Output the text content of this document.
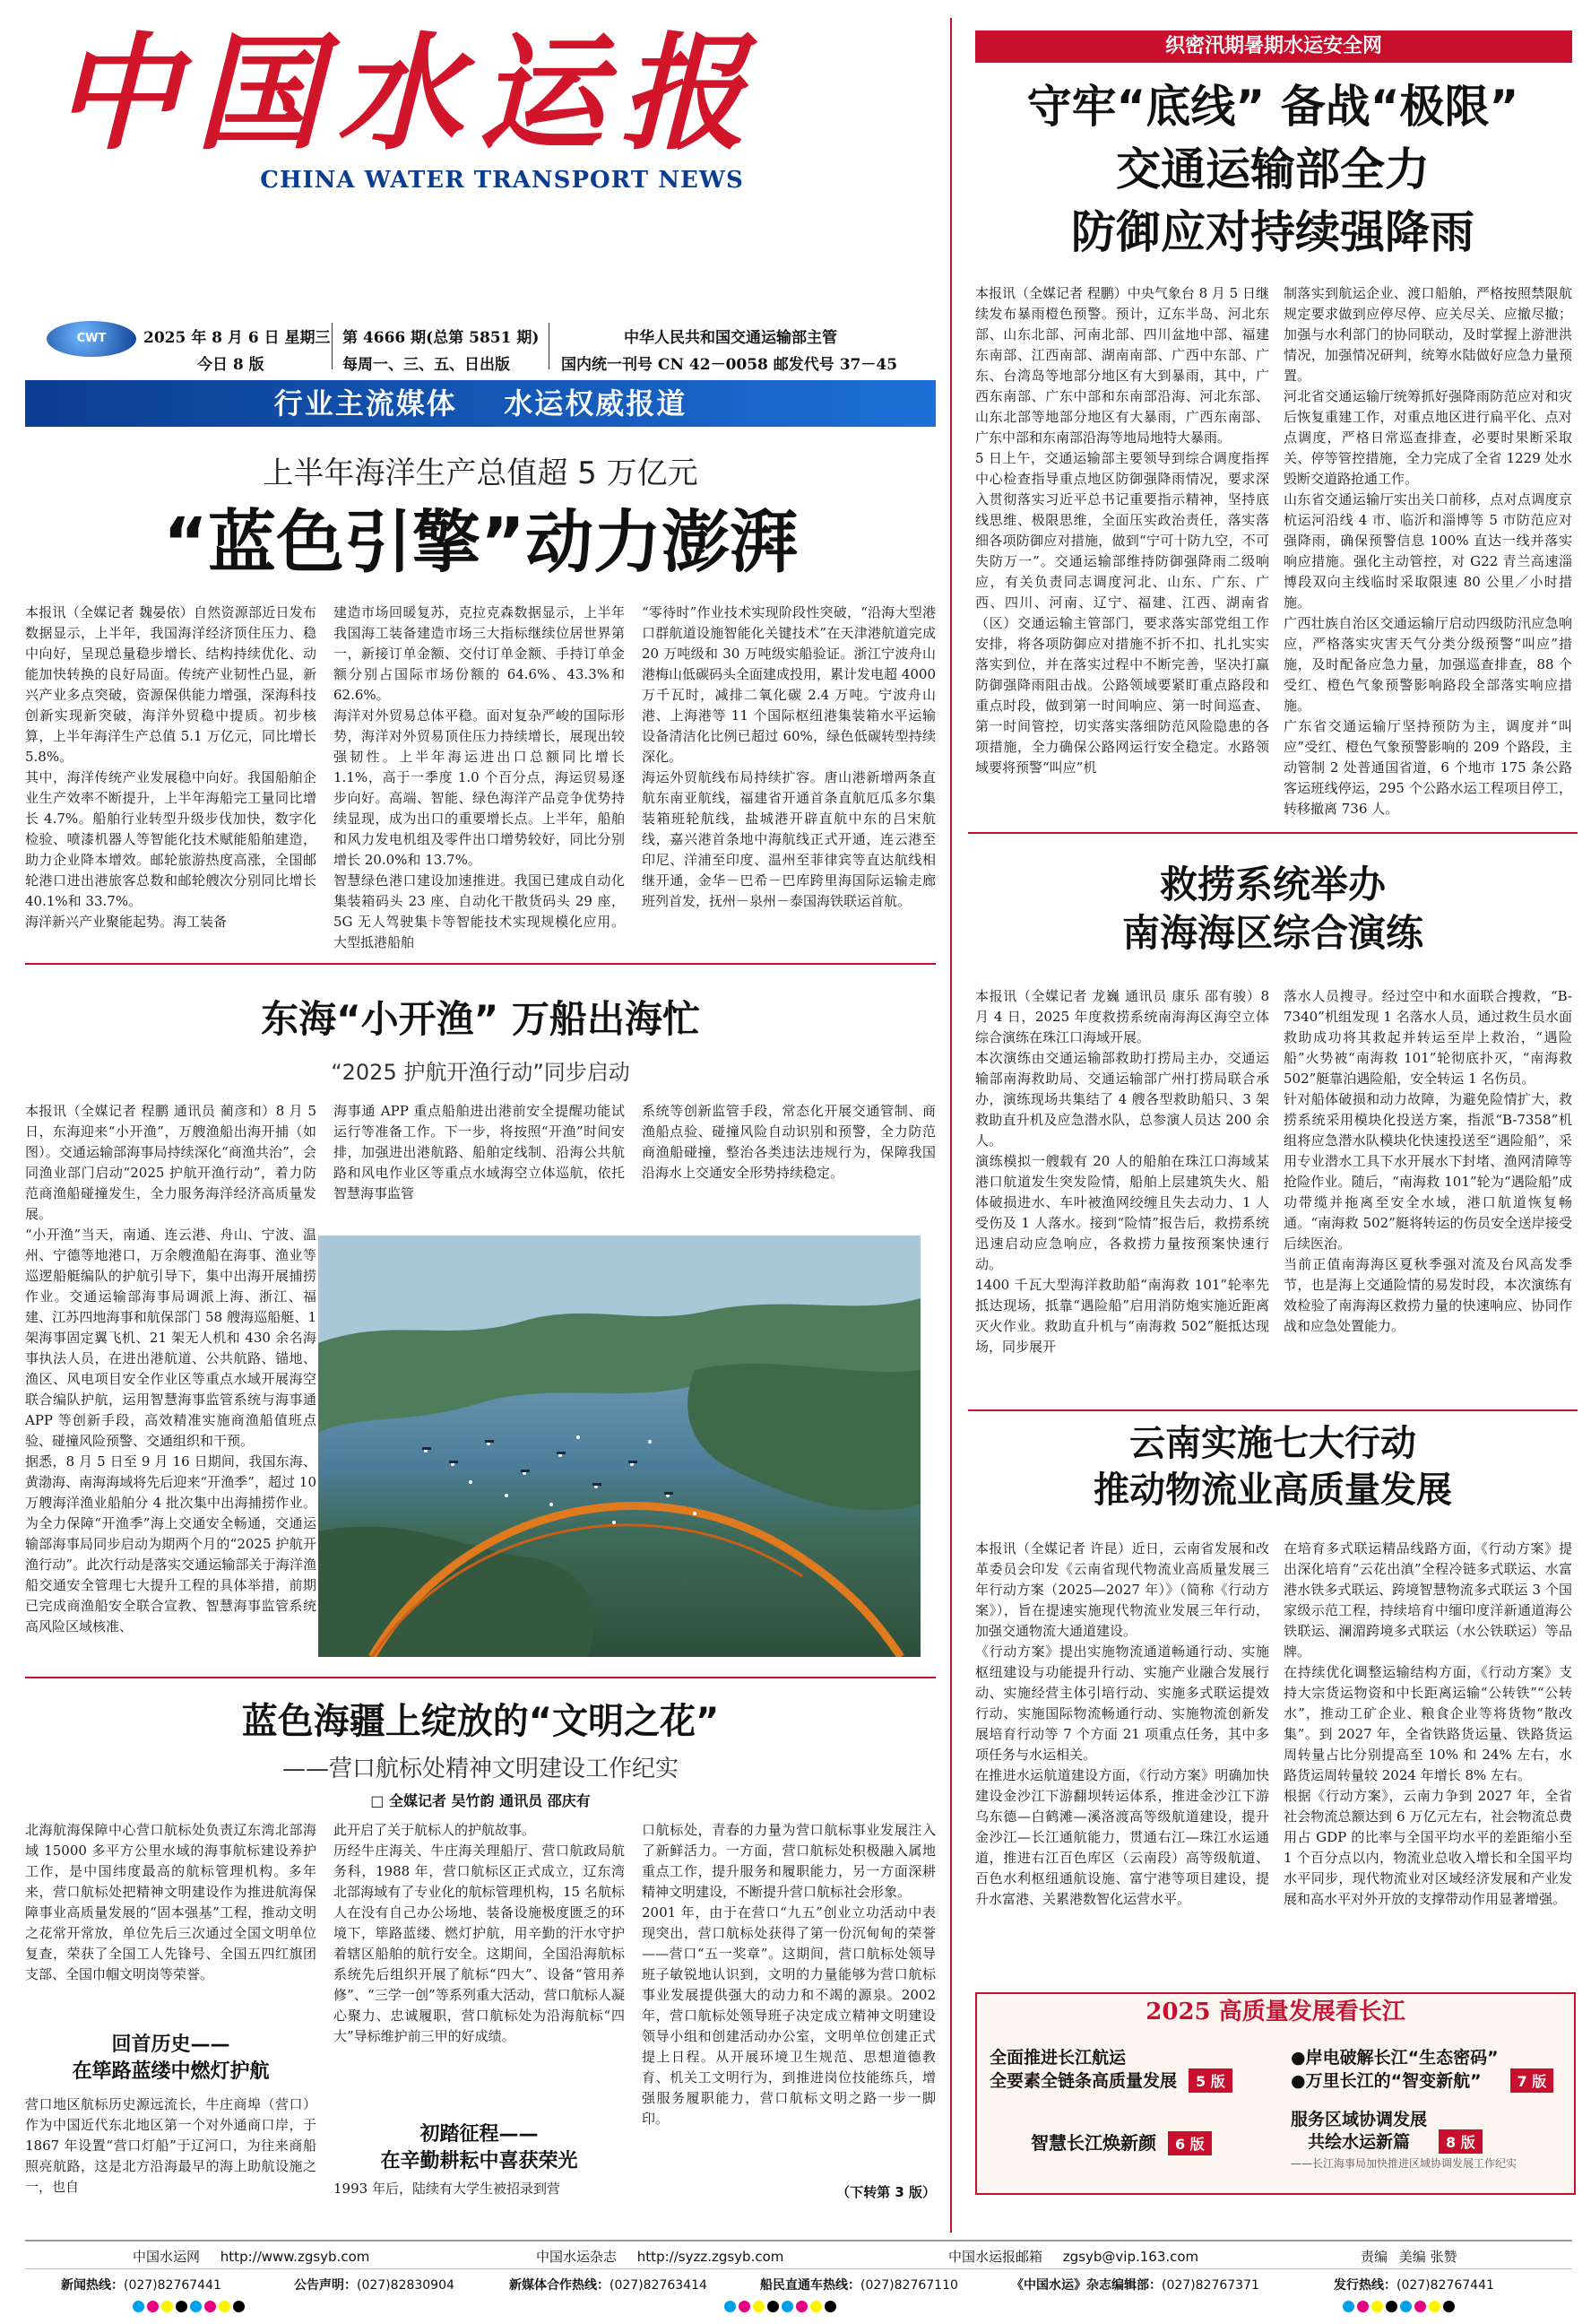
中国水运报
CHINA WATER TRANSPORT NEWS
CWT	2025 年 8 月 6 日 星期三
今日 8 版
第 4666 期(总第 5851 期)
每周一、三、五、日出版
中华人民共和国交通运输部主管
国内统一刊号 CN 42－0058 邮发代号 37－45
行业主流媒体    水运权威报道
上半年海洋生产总值超 5 万亿元
“蓝色引擎”动力澎湃
本报讯（全媒记者 魏晏依）自然资源部近日发布数据显示，上半年，我国海洋经济顶住压力、稳中向好，呈现总量稳步增长、结构持续优化、动能加快转换的良好局面。传统产业韧性凸显，新兴产业多点突破，资源保供能力增强，深海科技创新实现新突破，海洋外贸稳中提质。初步核算，上半年海洋生产总值 5.1 万亿元，同比增长 5.8%。
其中，海洋传统产业发展稳中向好。我国船舶企业生产效率不断提升，上半年海船完工量同比增长 4.7%。船舶行业转型升级步伐加快，数字化检验、喷漆机器人等智能化技术赋能船舶建造，助力企业降本增效。邮轮旅游热度高涨，全国邮轮港口进出港旅客总数和邮轮艘次分别同比增长 40.1%和 33.7%。
海洋新兴产业聚能起势。海工装备
建造市场回暖复苏，克拉克森数据显示，上半年我国海工装备建造市场三大指标继续位居世界第一，新接订单金额、交付订单金额、手持订单金额分别占国际市场份额的 64.6%、43.3%和 62.6%。
海洋对外贸易总体平稳。面对复杂严峻的国际形势，海洋对外贸易顶住压力持续增长，展现出较强韧性。上半年海运进出口总额同比增长 1.1%，高于一季度 1.0 个百分点，海运贸易逐步向好。高端、智能、绿色海洋产品竞争优势持续显现，成为出口的重要增长点。上半年，船舶和风力发电机组及零件出口增势较好，同比分别增长 20.0%和 13.7%。
智慧绿色港口建设加速推进。我国已建成自动化集装箱码头 23 座、自动化干散货码头 29 座，5G 无人驾驶集卡等智能技术实现规模化应用。大型抵港船舶
“零待时”作业技术实现阶段性突破，“沿海大型港口群航道设施智能化关键技术”在天津港航道完成 20 万吨级和 30 万吨级实船验证。浙江宁波舟山港梅山低碳码头全面建成投用，累计发电超 4000 万千瓦时，减排二氧化碳 2.4 万吨。宁波舟山港、上海港等 11 个国际枢纽港集装箱水平运输设备清洁化比例已超过 60%，绿色低碳转型持续深化。
海运外贸航线布局持续扩容。唐山港新增两条直航东南亚航线，福建省开通首条直航厄瓜多尔集装箱班轮航线，盐城港开辟直航中东的吕宋航线，嘉兴港首条地中海航线正式开通，连云港至印尼、洋浦至印度、温州至菲律宾等直达航线相继开通，金华－巴希－巴库跨里海国际运输走廊班列首发，抚州－泉州－泰国海铁联运首航。
东海“小开渔” 万船出海忙
“2025 护航开渔行动”同步启动
本报讯（全媒记者 程鹏 通讯员 蔺彦和）8 月 5 日，东海迎来“小开渔”，万艘渔船出海开捕（如图）。交通运输部海事局持续深化“商渔共治”，会同渔业部门启动“2025 护航开渔行动”，着力防范商渔船碰撞发生，全力服务海洋经济高质量发展。
“小开渔”当天，南通、连云港、舟山、宁波、温州、宁德等地港口，万余艘渔船在海事、渔业等巡逻船艇编队的护航引导下，集中出海开展捕捞作业。交通运输部海事局调派上海、浙江、福建、江苏四地海事和航保部门 58 艘海巡船艇、1 架海事固定翼飞机、21 架无人机和 430 余名海事执法人员，在进出港航道、公共航路、锚地、渔区、风电项目安全作业区等重点水域开展海空联合编队护航，运用智慧海事监管系统与海事通 APP 等创新手段，高效精准实施商渔船值班点验、碰撞风险预警、交通组织和干预。
据悉，8 月 5 日至 9 月 16 日期间，我国东海、黄渤海、南海海域将先后迎来“开渔季”，超过 10 万艘海洋渔业船舶分 4 批次集中出海捕捞作业。为全力保障“开渔季”海上交通安全畅通，交通运输部海事局同步启动为期两个月的“2025 护航开渔行动”。此次行动是落实交通运输部关于海洋渔船交通安全管理七大提升工程的具体举措，前期已完成商渔船安全联合宣教、智慧海事监管系统高风险区域核准、
海事通 APP 重点船舶进出港前安全提醒功能试运行等准备工作。下一步，将按照“开渔”时间安排，加强进出港航路、船舶定线制、沿海公共航路和风电作业区等重点水域海空立体巡航，依托智慧海事监管
系统等创新监管手段，常态化开展交通管制、商渔船点验、碰撞风险自动识别和预警，全力防范商渔船碰撞，整治各类违法违规行为，保障我国沿海水上交通安全形势持续稳定。
蓝色海疆上绽放的“文明之花”
——营口航标处精神文明建设工作纪实
□ 全媒记者 吴竹韵 通讯员 邵庆有
北海航海保障中心营口航标处负责辽东湾北部海域 15000 多平方公里水域的海事航标建设养护工作，是中国纬度最高的航标管理机构。多年来，营口航标处把精神文明建设作为推进航海保障事业高质量发展的“固本强基”工程，推动文明之花常开常放，单位先后三次通过全国文明单位复查，荣获了全国工人先锋号、全国五四红旗团支部、全国巾帼文明岗等荣誉。
回首历史——
在筚路蓝缕中燃灯护航
营口地区航标历史源远流长，牛庄商埠（营口）作为中国近代东北地区第一个对外通商口岸，于 1867 年设置“营口灯船”于辽河口，为往来商船照亮航路，这是北方沿海最早的海上助航设施之一，也自
此开启了关于航标人的护航故事。
历经牛庄海关、牛庄海关理船厅、营口航政局航务科，1988 年，营口航标区正式成立，辽东湾北部海域有了专业化的航标管理机构，15 名航标人在没有自己办公场地、装备设施极度匮乏的环境下，筚路蓝缕、燃灯护航，用辛勤的汗水守护着辖区船舶的航行安全。这期间，全国沿海航标系统先后组织开展了航标“四大”、设备“管用养修”、“三学一创”等系列重大活动，营口航标人凝心聚力、忠诚履职，营口航标处为沿海航标“四大”导标维护前三甲的好成绩。
初踏征程——
在辛勤耕耘中喜获荣光
1993 年后，陆续有大学生被招录到营
口航标处，青春的力量为营口航标事业发展注入了新鲜活力。一方面，营口航标处积极融入属地重点工作，提升服务和履职能力，另一方面深耕精神文明建设，不断提升营口航标社会形象。
2001 年，由于在营口“九五”创业立功活动中表现突出，营口航标处获得了第一份沉甸甸的荣誉——营口“五一奖章”。这期间，营口航标处领导班子敏锐地认识到，文明的力量能够为营口航标事业发展提供强大的动力和不竭的源泉。2002 年，营口航标处领导班子决定成立精神文明建设领导小组和创建活动办公室，文明单位创建正式提上日程。从开展环境卫生规范、思想道德教育、机关工文明行为，到推进岗位技能练兵，增强服务履职能力，营口航标文明之路一步一脚印。
（下转第 3 版）
织密汛期暑期水运安全网
守牢“底线” 备战“极限”
交通运输部全力
防御应对持续强降雨
本报讯（全媒记者 程鹏）中央气象台 8 月 5 日继续发布暴雨橙色预警。预计，辽东半岛、河北东部、山东北部、河南北部、四川盆地中部、福建东南部、江西南部、湖南南部、广西中东部、广东、台湾岛等地部分地区有大到暴雨，其中，广西东南部、广东中部和东南部沿海、河北东部、山东北部等地部分地区有大暴雨，广西东南部、广东中部和东南部沿海等地局地特大暴雨。
5 日上午，交通运输部主要领导到综合调度指挥中心检查指导重点地区防御强降雨情况，要求深入贯彻落实习近平总书记重要指示精神，坚持底线思维、极限思维，全面压实政治责任，落实落细各项防御应对措施，做到“宁可十防九空，不可失防万一”。交通运输部维持防御强降雨二级响应，有关负责同志调度河北、山东、广东、广西、四川、河南、辽宁、福建、江西、湖南省（区）交通运输主管部门，要求落实部党组工作安排，将各项防御应对措施不折不扣、扎扎实实落实到位，并在落实过程中不断完善，坚决打赢防御强降雨阻击战。公路领域要紧盯重点路段和重点时段，做到第一时间响应、第一时间巡查、第一时间管控，切实落实落细防范风险隐患的各项措施，全力确保公路网运行安全稳定。水路领域要将预警“叫应”机
制落实到航运企业、渡口船舶，严格按照禁限航规定要求做到应停尽停、应关尽关、应撤尽撤；加强与水利部门的协同联动，及时掌握上游泄洪情况，加强情况研判，统筹水陆做好应急力量预置。
河北省交通运输厅统筹抓好强降雨防范应对和灾后恢复重建工作，对重点地区进行扁平化、点对点调度，严格日常巡查排查，必要时果断采取关、停等管控措施，全力完成了全省 1229 处水毁断交道路抢通工作。
山东省交通运输厅实出关口前移，点对点调度京杭运河沿线 4 市、临沂和淄博等 5 市防范应对强降雨，确保预警信息 100% 直达一线并落实响应措施。强化主动管控，对 G22 青兰高速淄博段双向主线临时采取限速 80 公里／小时措施。
广西壮族自治区交通运输厅启动四级防汛应急响应，严格落实灾害天气分类分级预警“叫应”措施，及时配备应急力量，加强巡查排查，88 个受红、橙色气象预警影响路段全部落实响应措施。
广东省交通运输厅坚持预防为主，调度并“叫应”受红、橙色气象预警影响的 209 个路段，主动管制 2 处普通国省道，6 个地市 175 条公路客运班线停运，295 个公路水运工程项目停工，转移撤离 736 人。
救捞系统举办
南海海区综合演练
本报讯（全媒记者 龙巍 通讯员 康乐 邵有骏）8 月 4 日，2025 年度救捞系统南海海区海空立体综合演练在珠江口海域开展。
本次演练由交通运输部救助打捞局主办，交通运输部南海救助局、交通运输部广州打捞局联合承办，演练现场共集结了 4 艘各型救助船只、3 架救助直升机及应急潜水队，总参演人员达 200 余人。
演练模拟一艘载有 20 人的船舶在珠江口海域某港口航道发生突发险情，船舶上层建筑失火、船体破损进水、车叶被渔网绞缠且失去动力、1 人受伤及 1 人落水。接到“险情”报告后，救捞系统迅速启动应急响应，各救捞力量按预案快速行动。
1400 千瓦大型海洋救助船“南海救 101”轮率先抵达现场，抵靠“遇险船”启用消防炮实施近距离灭火作业。救助直升机与“南海救 502”艇抵达现场，同步展开
落水人员搜寻。经过空中和水面联合搜救，“B-7340”机组发现 1 名落水人员，通过救生员水面救助成功将其救起并转运至岸上救治，“遇险船”火势被“南海救 101”轮彻底扑灭，“南海救 502”艇靠泊遇险船，安全转运 1 名伤员。
针对船体破损和动力故障，为避免险情扩大，救捞系统采用模块化投送方案，指派“B-7358”机组将应急潜水队模块化快速投送至“遇险船”，采用专业潜水工具下水开展水下封堵、渔网清障等抢险作业。随后，“南海救 101”轮为“遇险船”成功带缆并拖离至安全水域，港口航道恢复畅通。“南海救 502”艇将转运的伤员安全送岸接受后续医治。
当前正值南海海区夏秋季强对流及台风高发季节，也是海上交通险情的易发时段，本次演练有效检验了南海海区救捞力量的快速响应、协同作战和应急处置能力。
云南实施七大行动
推动物流业高质量发展
本报讯（全媒记者 许昆）近日，云南省发展和改革委员会印发《云南省现代物流业高质量发展三年行动方案（2025—2027 年）》（简称《行动方案》），旨在提速实施现代物流业发展三年行动，加强交通物流大通道建设。
《行动方案》提出实施物流通道畅通行动、实施枢纽建设与功能提升行动、实施产业融合发展行动、实施经营主体引培行动、实施多式联运提效行动、实施国际物流畅通行动、实施物流创新发展培育行动等 7 个方面 21 项重点任务，其中多项任务与水运相关。
在推进水运航道建设方面，《行动方案》明确加快建设金沙江下游翻坝转运体系，推进金沙江下游乌东德—白鹤滩—溪洛渡高等级航道建设，提升金沙江—长江通航能力，贯通右江—珠江水运通道，推进右江百色库区（云南段）高等级航道、百色水利枢纽通航设施、富宁港等项目建设，提升水富港、关累港数智化运营水平。
在培育多式联运精品线路方面，《行动方案》提出深化培育“云花出滇”全程冷链多式联运、水富港水铁多式联运、跨境智慧物流多式联运 3 个国家级示范工程，持续培育中缅印度洋新通道海公铁联运、澜湄跨境多式联运（水公铁联运）等品牌。
在持续优化调整运输结构方面，《行动方案》支持大宗货运物资和中长距离运输“公转铁”“公转水”，推动工矿企业、粮食企业等将货物“散改集”。到 2027 年，全省铁路货运量、铁路货运周转量占比分别提高至 10% 和 24% 左右，水路货运周转量较 2024 年增长 8% 左右。
根据《行动方案》，云南力争到 2027 年，全省社会物流总额达到 6 万亿元左右，社会物流总费用占 GDP 的比率与全国平均水平的差距缩小至 1 个百分点以内，物流业总收入增长和全国平均水平同步，现代物流业对区域经济发展和产业发展和高水平对外开放的支撑带动作用显著增强。
2025 高质量发展看长江
全面推进长江航运
全要素全链条高质量发展 5 版
●岸电破解长江“生态密码”
●万里长江的“智变新航” 7 版
智慧长江焕新颜 6 版
服务区域协调发展
共绘水运新篇 8 版
——长江海事局加快推进区域协调发展工作纪实
中国水运网 http://www.zgsyb.com	中国水运杂志 http://syzz.zgsyb.com	中国水运报邮箱 zgsyb@vip.163.com	责编 美编 张赞
新闻热线：(027)82767441	公告声明：(027)82830904	新媒体合作热线：(027)82763414	船民直通车热线：(027)82767110	《中国水运》杂志编辑部：(027)82767371	发行热线：(027)82767441
